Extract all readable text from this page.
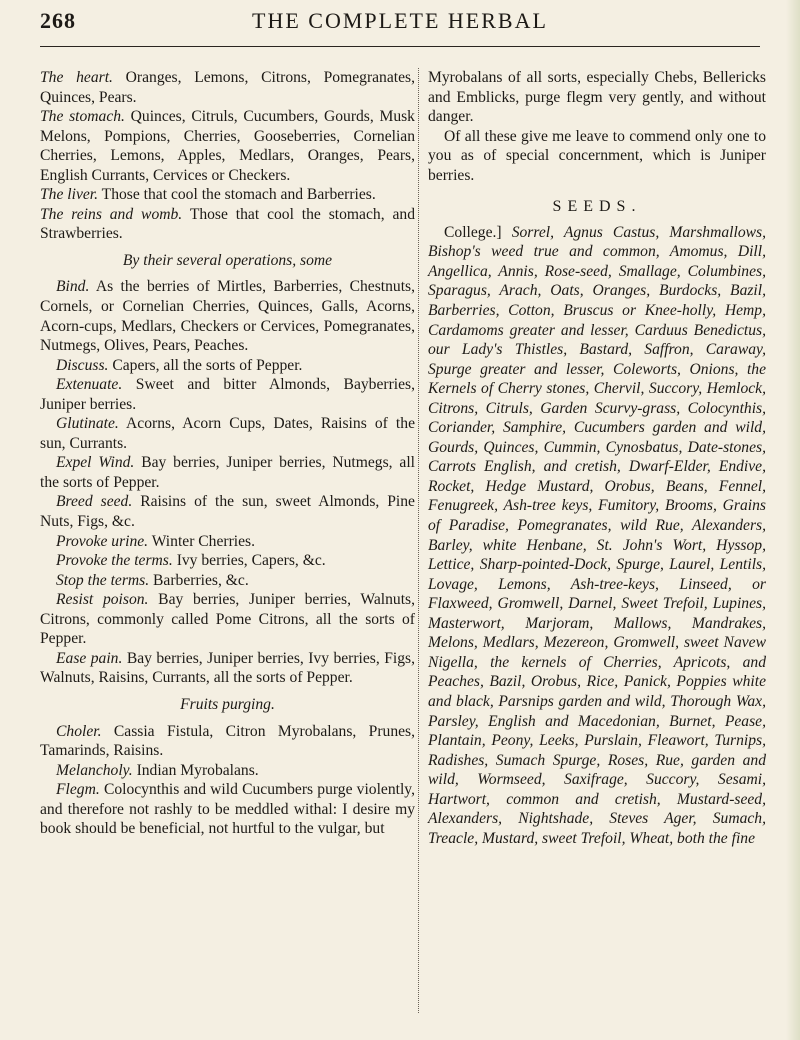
268	THE COMPLETE HERBAL

The heart. Oranges, Lemons, Citrons, Pomegranates, Quinces, Pears.

The stomach. Quinces, Citruls, Cucumbers, Gourds, Musk Melons, Pompions, Cherries, Gooseberries, Cornelian Cherries, Lemons, Apples, Medlars, Oranges, Pears, English Currants, Cervices or Checkers.

The liver. Those that cool the stomach and Barberries.

The reins and womb. Those that cool the stomach, and Strawberries.

By their several operations, some

Bind. As the berries of Mirtles, Barberries, Chestnuts, Cornels, or Cornelian Cherries, Quinces, Galls, Acorns, Acorn-cups, Medlars, Checkers or Cervices, Pomegranates, Nutmegs, Olives, Pears, Peaches.

Discuss. Capers, all the sorts of Pepper.

Extenuate. Sweet and bitter Almonds, Bayberries, Juniper berries.

Glutinate. Acorns, Acorn Cups, Dates, Raisins of the sun, Currants.

Expel Wind. Bay berries, Juniper berries, Nutmegs, all the sorts of Pepper.

Breed seed. Raisins of the sun, sweet Almonds, Pine Nuts, Figs, &c.

Provoke urine. Winter Cherries.

Provoke the terms. Ivy berries, Capers, &c.

Stop the terms. Barberries, &c.

Resist poison. Bay berries, Juniper berries, Walnuts, Citrons, commonly called Pome Citrons, all the sorts of Pepper.

Ease pain. Bay berries, Juniper berries, Ivy berries, Figs, Walnuts, Raisins, Currants, all the sorts of Pepper.

Fruits purging.

Choler. Cassia Fistula, Citron Myrobalans, Prunes, Tamarinds, Raisins.

Melancholy. Indian Myrobalans.

Flegm. Colocynthis and wild Cucumbers purge violently, and therefore not rashly to be meddled withal: I desire my book should be beneficial, not hurtful to the vulgar, but

Myrobalans of all sorts, especially Chebs, Bellericks and Emblicks, purge flegm very gently, and without danger.

Of all these give me leave to commend only one to you as of special concernment, which is Juniper berries.

SEEDS.

College.] Sorrel, Agnus Castus, Marshmallows, Bishop's weed true and common, Amomus, Dill, Angellica, Annis, Rose-seed, Smallage, Columbines, Sparagus, Arach, Oats, Oranges, Burdocks, Bazil, Barberries, Cotton, Bruscus or Knee-holly, Hemp, Cardamoms greater and lesser, Carduus Benedictus, our Lady's Thistles, Bastard, Saffron, Caraway, Spurge greater and lesser, Coleworts, Onions, the Kernels of Cherry stones, Chervil, Succory, Hemlock, Citrons, Citruls, Garden Scurvy-grass, Colocynthis, Coriander, Samphire, Cucumbers garden and wild, Gourds, Quinces, Cummin, Cynosbatus, Date-stones, Carrots English, and cretish, Dwarf-Elder, Endive, Rocket, Hedge Mustard, Orobus, Beans, Fennel, Fenugreek, Ash-tree keys, Fumitory, Brooms, Grains of Paradise, Pomegranates, wild Rue, Alexanders, Barley, white Henbane, St. John's Wort, Hyssop, Lettice, Sharp-pointed-Dock, Spurge, Laurel, Lentils, Lovage, Lemons, Ash-tree-keys, Linseed, or Flaxweed, Gromwell, Darnel, Sweet Trefoil, Lupines, Masterwort, Marjoram, Mallows, Mandrakes, Melons, Medlars, Mezereon, Gromwell, sweet Navew Nigella, the kernels of Cherries, Apricots, and Peaches, Bazil, Orobus, Rice, Panick, Poppies white and black, Parsnips garden and wild, Thorough Wax, Parsley, English and Macedonian, Burnet, Pease, Plantain, Peony, Leeks, Purslain, Fleawort, Turnips, Radishes, Sumach Spurge, Roses, Rue, garden and wild, Wormseed, Saxifrage, Succory, Sesami, Hartwort, common and cretish, Mustard-seed, Alexanders, Nightshade, Steves Ager, Sumach, Treacle, Mustard, sweet Trefoil, Wheat, both the fine
